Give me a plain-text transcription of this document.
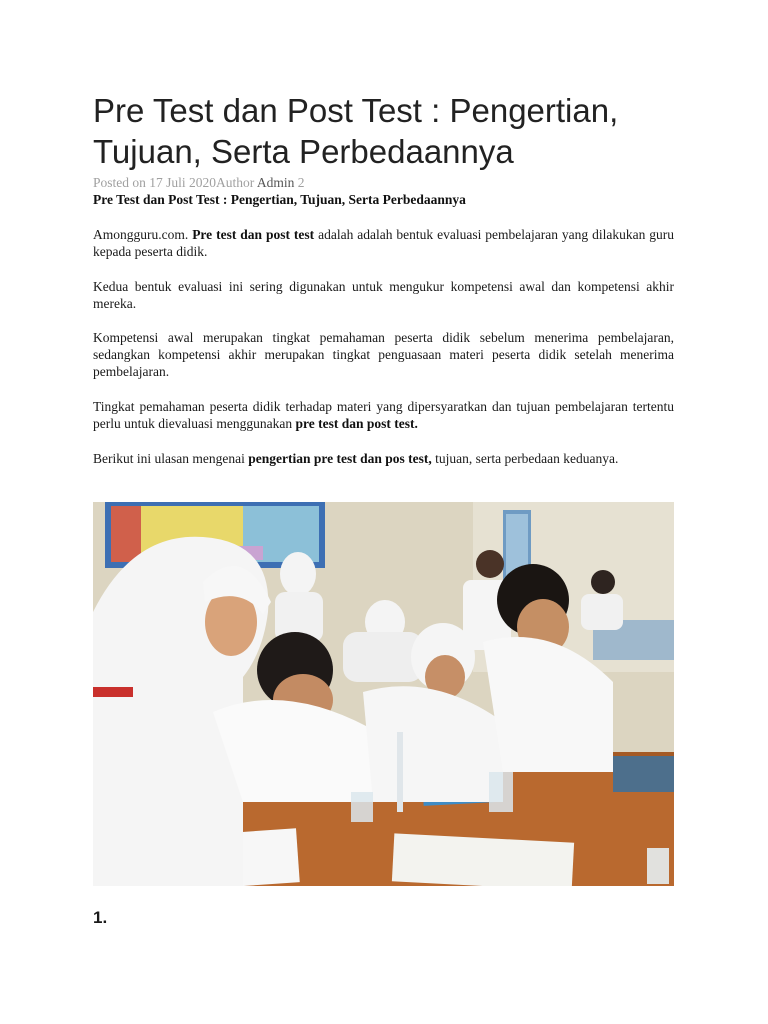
Pre Test dan Post Test : Pengertian, Tujuan, Serta Perbedaannya
Posted on 17 Juli 2020Author Admin 2
Pre Test dan Post Test : Pengertian, Tujuan, Serta Perbedaannya

Amongguru.com. Pre test dan post test adalah adalah bentuk evaluasi pembelajaran yang dilakukan guru kepada peserta didik.

Kedua bentuk evaluasi ini sering digunakan untuk mengukur kompetensi awal dan kompetensi akhir mereka.

Kompetensi awal merupakan tingkat pemahaman peserta didik sebelum menerima pembelajaran, sedangkan kompetensi akhir merupakan tingkat penguasaan materi peserta didik setelah menerima pembelajaran.

Tingkat pemahaman peserta didik terhadap materi yang dipersyaratkan dan tujuan pembelajaran tertentu perlu untuk dievaluasi menggunakan pre test dan post test.

Berikut ini ulasan mengenai pengertian pre test dan pos test, tujuan, serta perbedaan keduanya.

1.
